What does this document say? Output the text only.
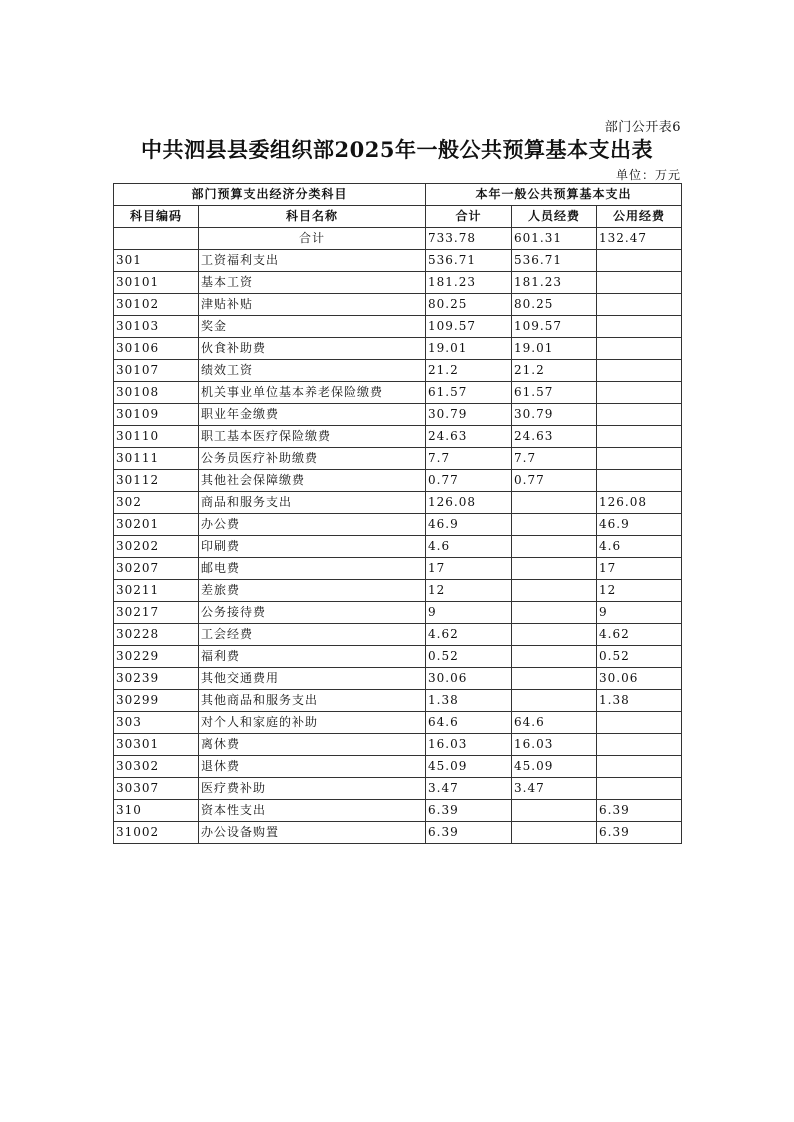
部门公开表6
中共泗县县委组织部2025年一般公共预算基本支出表
单位：万元
部门预算支出经济分类科目		本年一般公共预算基本支出		
科目编码	科目名称	合计	人员经费	公用经费
	合计	733.78	601.31	132.47
301	工资福利支出	536.71	536.71	
30101	基本工资	181.23	181.23	
30102	津贴补贴	80.25	80.25	
30103	奖金	109.57	109.57	
30106	伙食补助费	19.01	19.01	
30107	绩效工资	21.2	21.2	
30108	机关事业单位基本养老保险缴费	61.57	61.57	
30109	职业年金缴费	30.79	30.79	
30110	职工基本医疗保险缴费	24.63	24.63	
30111	公务员医疗补助缴费	7.7	7.7	
30112	其他社会保障缴费	0.77	0.77	
302	商品和服务支出	126.08		126.08
30201	办公费	46.9		46.9
30202	印刷费	4.6		4.6
30207	邮电费	17		17
30211	差旅费	12		12
30217	公务接待费	9		9
30228	工会经费	4.62		4.62
30229	福利费	0.52		0.52
30239	其他交通费用	30.06		30.06
30299	其他商品和服务支出	1.38		1.38
303	对个人和家庭的补助	64.6	64.6	
30301	离休费	16.03	16.03	
30302	退休费	45.09	45.09	
30307	医疗费补助	3.47	3.47	
310	资本性支出	6.39		6.39
31002	办公设备购置	6.39		6.39
